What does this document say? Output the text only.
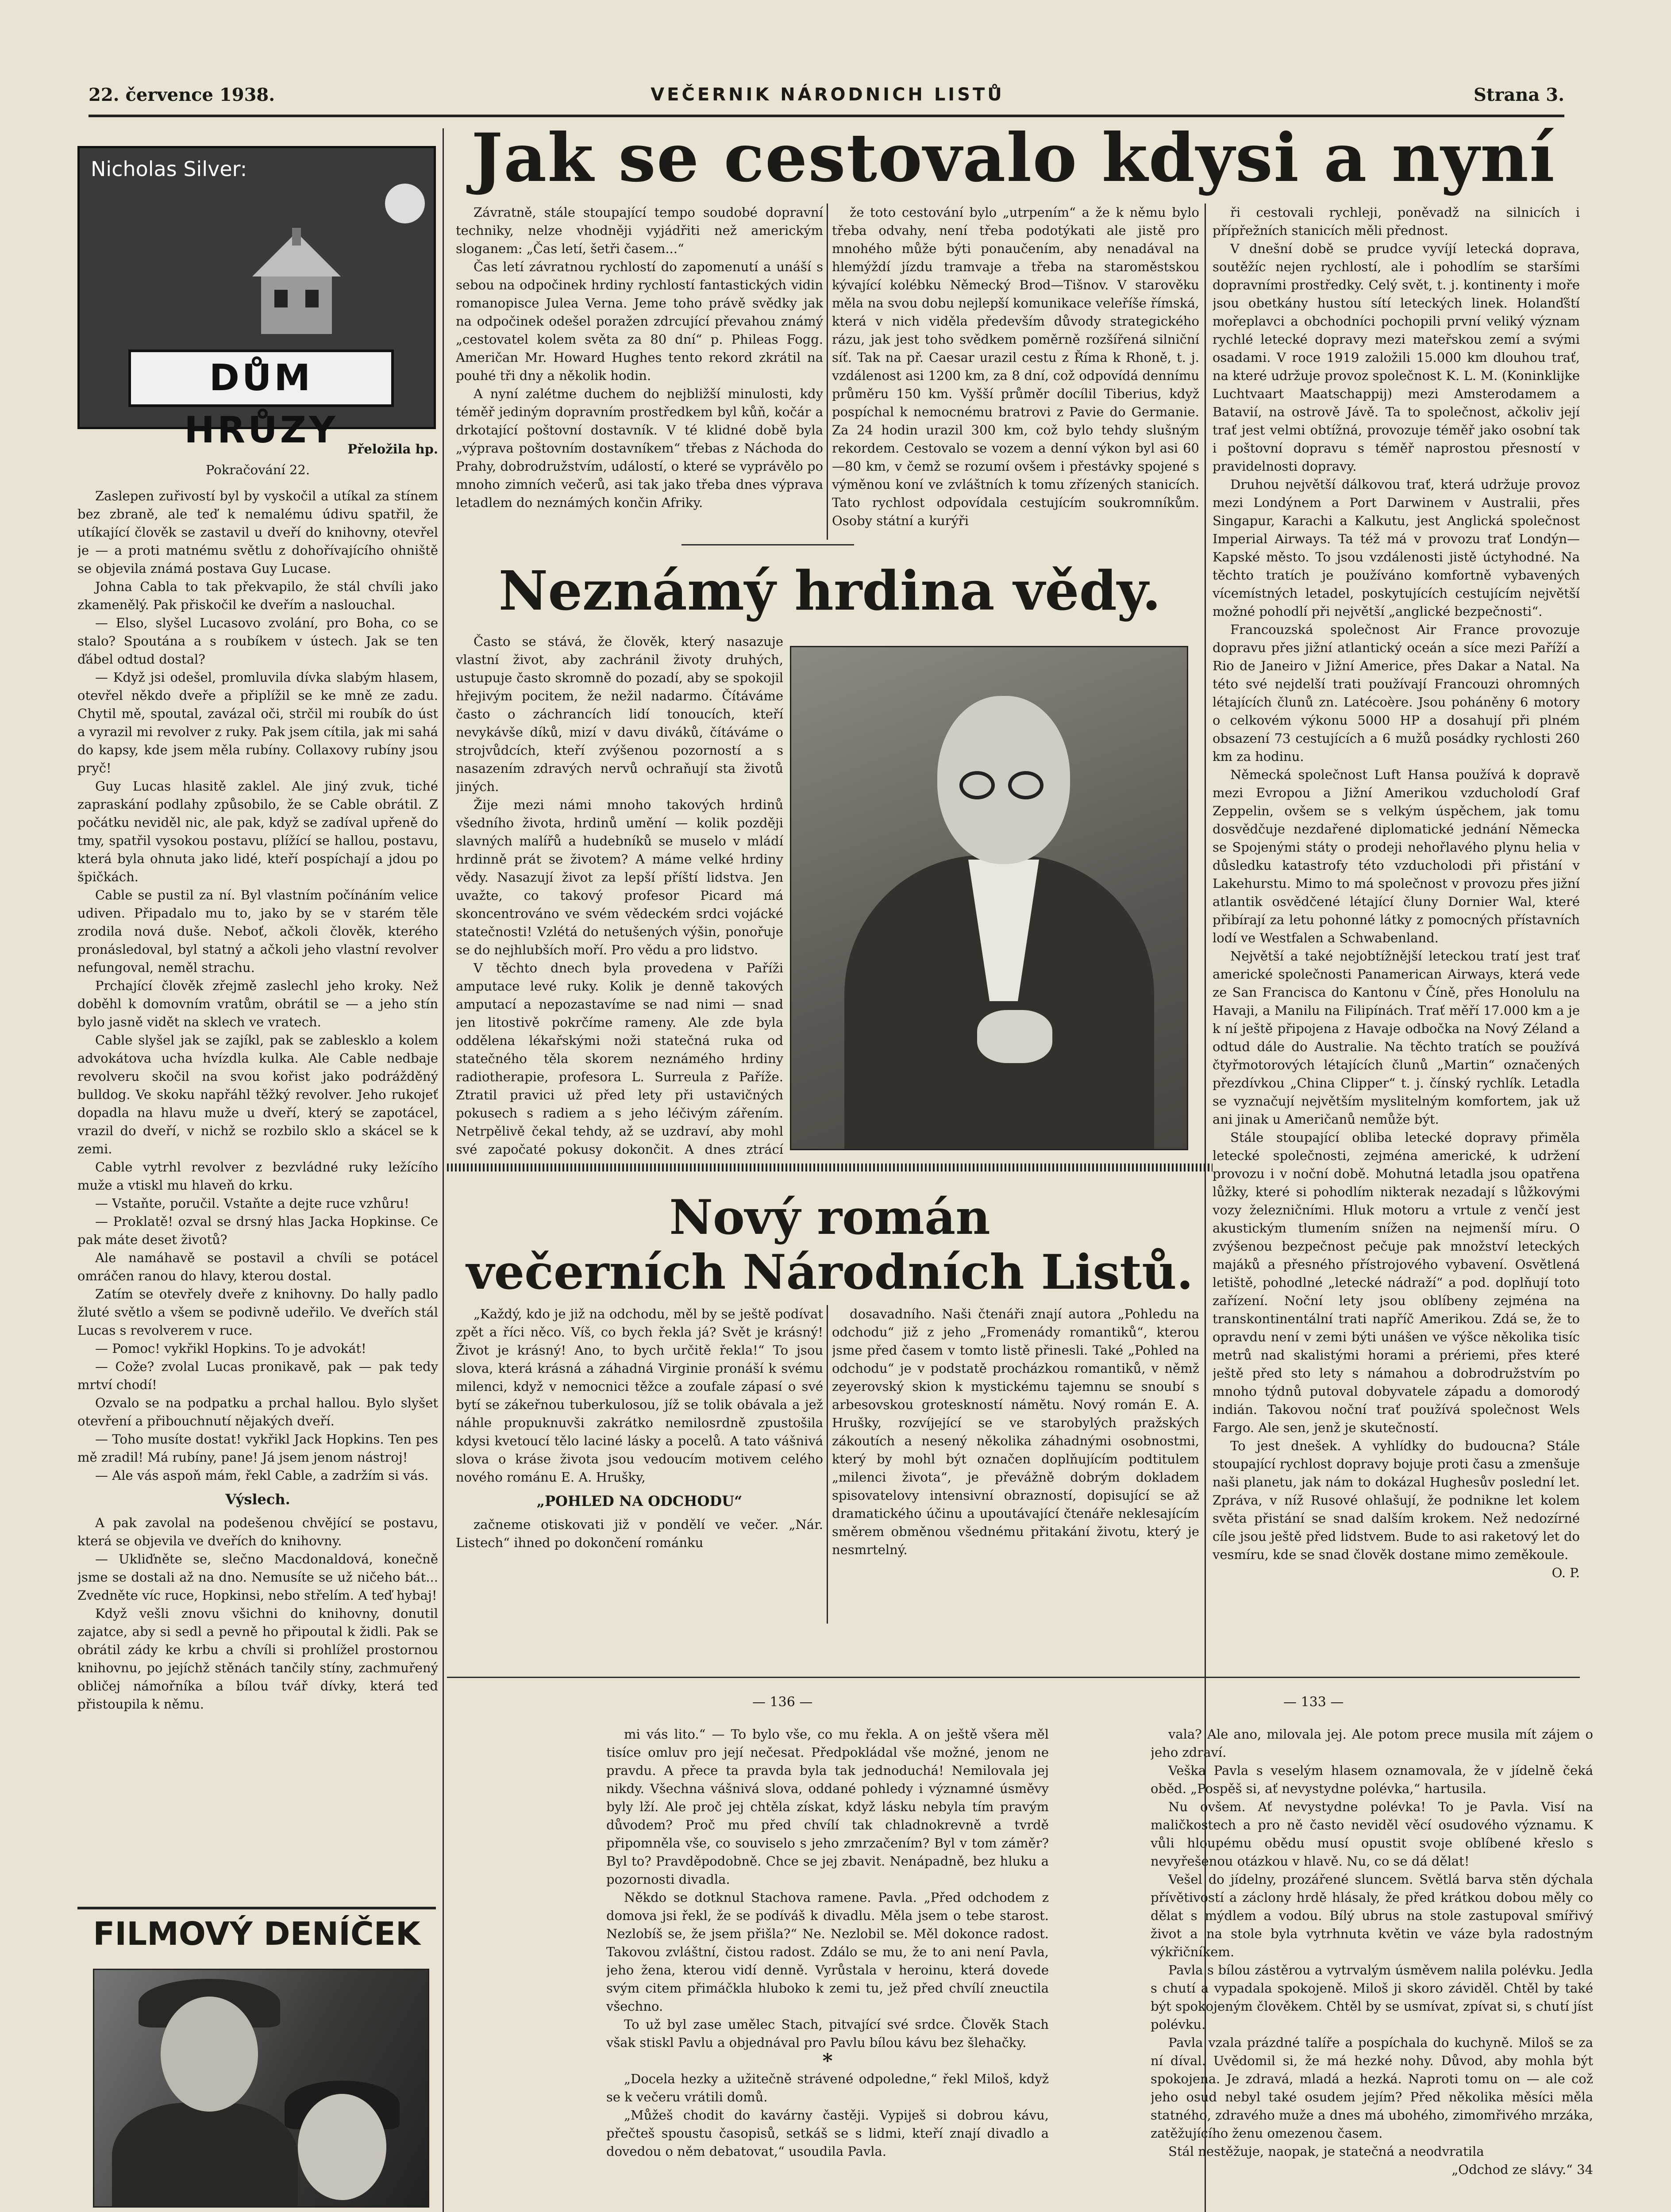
22. července 1938.	VEČERNIK NÁRODNICH LISTŮ	Strana 3.
Nicholas Silver:
DŮM HRŮZY Přeložila hp.

Pokračování 22.

Zaslepen zuřivostí byl by vyskočil a utíkal za stínem bez zbraně, ale teď k nemalému údivu spatřil, že utíkající člověk se zastavil u dveří do knihovny, otevřel je — a proti matnému světlu z dohořívajícího ohniště se objevila známá postava Guy Lucase.

Johna Cabla to tak překvapilo, že stál chvíli jako zkamenělý. Pak přiskočil ke dveřím a naslouchal.

— Elso, slyšel Lucasovo zvolání, pro Boha, co se stalo? Spoutána a s roubíkem v ústech. Jak se ten ďábel odtud dostal?

— Když jsi odešel, promluvila dívka slabým hlasem, otevřel někdo dveře a připlížil se ke mně ze zadu. Chytil mě, spoutal, zavázal oči, strčil mi roubík do úst a vyrazil mi revolver z ruky. Pak jsem cítila, jak mi sahá do kapsy, kde jsem měla rubíny. Collaxovy rubíny jsou pryč!

Guy Lucas hlasitě zaklel. Ale jiný zvuk, tiché zapraskání podlahy způsobilo, že se Cable obrátil. Z počátku neviděl nic, ale pak, když se zadíval upřeně do tmy, spatřil vysokou postavu, plížící se hallou, postavu, která byla ohnuta jako lidé, kteří pospíchají a jdou po špičkách.

Cable se pustil za ní. Byl vlastním počínáním velice udiven. Připadalo mu to, jako by se v starém těle zrodila nová duše. Neboť, ačkoli člověk, kterého pronásledoval, byl statný a ačkoli jeho vlastní revolver nefungoval, neměl strachu.

Prchající člověk zřejmě zaslechl jeho kroky. Než doběhl k domovním vratům, obrátil se — a jeho stín bylo jasně vidět na sklech ve vratech.

Cable slyšel jak se zajíkl, pak se zablesklo a kolem advokátova ucha hvízdla kulka. Ale Cable nedbaje revolveru skočil na svou kořist jako podrážděný bulldog. Ve skoku napřáhl těžký revolver. Jeho rukojeť dopadla na hlavu muže u dveří, který se zapotácel, vrazil do dveří, v nichž se rozbilo sklo a skácel se k zemi.

Cable vytrhl revolver z bezvládné ruky ležícího muže a vtiskl mu hlaveň do krku.

— Vstaňte, poručil. Vstaňte a dejte ruce vzhůru!

— Proklatě! ozval se drsný hlas Jacka Hopkinse. Ce pak máte deset životů?

Ale namáhavě se postavil a chvíli se potácel omráčen ranou do hlavy, kterou dostal.

Zatím se otevřely dveře z knihovny. Do hally padlo žluté světlo a všem se podivně udeřilo. Ve dveřích stál Lucas s revolverem v ruce.

— Pomoc! vykřikl Hopkins. To je advokát!

— Cože? zvolal Lucas pronikavě, pak — pak tedy mrtví chodí!

Ozvalo se na podpatku a prchal hallou. Bylo slyšet otevření a přibouchnutí nějakých dveří.

— Toho musíte dostat! vykřikl Jack Hopkins. Ten pes mě zradil! Má rubíny, pane! Já jsem jenom nástroj!

— Ale vás aspoň mám, řekl Cable, a zadržím si vás.

Výslech.

A pak zavolal na podešenou chvějící se postavu, která se objevila ve dveřích do knihovny.

— Ukliďněte se, slečno Macdonaldová, konečně jsme se dostali až na dno. Nemusíte se už ničeho bát... Zvedněte víc ruce, Hopkinsi, nebo střelím. A teď hybaj!

Když vešli znovu všichni do knihovny, donutil zajatce, aby si sedl a pevně ho připoutal k židli. Pak se obrátil zády ke krbu a chvíli si prohlížel prostornou knihovnu, po jejíchž stěnách tančily stíny, zachmuřený obličej námořníka a bílou tvář dívky, která teď přistoupila k němu.

FILMOVÝ DENÍČEK
Jak se cestovalo kdysi a nyní

Závratně, stále stoupající tempo soudobé dopravní techniky, nelze vhodněji vyjádřiti než americkým sloganem: „Čas letí, šetři časem...“

Čas letí závratnou rychlostí do zapomenutí a unáší s sebou na odpočinek hrdiny rychlostí fantastických vidin romanopisce Julea Verna. Jeme toho právě svědky jak na odpočinek odešel poražen zdrcující převahou známý „cestovatel kolem světa za 80 dní“ p. Phileas Fogg. Američan Mr. Howard Hughes tento rekord zkrátil na pouhé tři dny a několik hodin.

A nyní zalétme duchem do nejbližší minulosti, kdy téměř jediným dopravním prostředkem byl kůň, kočár a drkotající poštovní dostavník. V té klidné době byla „výprava poštovním dostavníkem“ třebas z Náchoda do Prahy, dobrodružstvím, událostí, o které se vyprávělo po mnoho zimních večerů, asi tak jako třeba dnes výprava letadlem do neznámých končin Afriky.

že toto cestování bylo „utrpením“ a že k němu bylo třeba odvahy, není třeba podotýkati ale jistě pro mnohého může býti ponaučením, aby nenadával na hlemýždí jízdu tramvaje a třeba na staroměstskou kývající kolébku Německý Brod—Tišnov. V starověku měla na svou dobu nejlepší komunikace veleříše římská, která v nich viděla především důvody strategického rázu, jak jest toho svědkem poměrně rozšířená silniční síť. Tak na př. Caesar urazil cestu z Říma k Rhoně, t. j. vzdálenost asi 1200 km, za 8 dní, což odpovídá dennímu průměru 150 km. Vyšší průměr docílil Tiberius, když pospíchal k nemocnému bratrovi z Pavie do Germanie. Za 24 hodin urazil 300 km, což bylo tehdy slušným rekordem. Cestovalo se vozem a denní výkon byl asi 60—80 km, v čemž se rozumí ovšem i přestávky spojené s výměnou koní ve zvláštních k tomu zřízených stanicích. Tato rychlost odpovídala cestujícím soukromníkům. Osoby státní a kurýři

ři cestovali rychleji, poněvadž na silnicích i přípřežních stanicích měli přednost.

V dnešní době se prudce vyvíjí letecká doprava, soutěžíc nejen rychlostí, ale i pohodlím se staršími dopravními prostředky. Celý svět, t. j. kontinenty i moře jsou obetkány hustou sítí leteckých linek. Holanďští mořeplavci a obchodníci pochopili první veliký význam rychlé letecké dopravy mezi mateřskou zemí a svými osadami. V roce 1919 založili 15.000 km dlouhou trať, na které udržuje provoz společnost K. L. M. (Koninklijke Luchtvaart Maatschappij) mezi Amsterodamem a Batavií, na ostrově Jávě. Ta to společnost, ačkoliv její trať jest velmi obtížná, provozuje téměř jako osobní tak i poštovní dopravu s téměř naprostou přesností v pravidelnosti dopravy.

Druhou největší dálkovou trať, která udržuje provoz mezi Londýnem a Port Darwinem v Australii, přes Singapur, Karachi a Kalkutu, jest Anglická společnost Imperial Airways. Ta též má v provozu trať Londýn—Kapské město. To jsou vzdálenosti jistě úctyhodné. Na těchto tratích je používáno komfortně vybavených vícemístných letadel, poskytujících cestujícím největší možné pohodlí při největší „anglické bezpečnosti“.

Francouzská společnost Air France provozuje dopravu přes jižní atlantický oceán a síce mezi Paříží a Rio de Janeiro v Jižní Americe, přes Dakar a Natal. Na této své nejdelší trati používají Francouzi ohromných létajících člunů zn. Latécoère. Jsou poháněny 6 motory o celkovém výkonu 5000 HP a dosahují při plném obsazení 73 cestujících a 6 mužů posádky rychlosti 260 km za hodinu.

Německá společnost Luft Hansa používá k dopravě mezi Evropou a Jižní Amerikou vzducholodí Graf Zeppelin, ovšem se s velkým úspěchem, jak tomu dosvědčuje nezdařené diplomatické jednání Německa se Spojenými státy o prodeji nehořlavého plynu helia v důsledku katastrofy této vzducholodi při přistání v Lakehurstu. Mimo to má společnost v provozu přes jižní atlantik osvědčené létající čluny Dornier Wal, které přibírají za letu pohonné látky z pomocných přístavních lodí ve Westfalen a Schwabenland.

Největší a také nejobtížnější leteckou tratí jest trať americké společnosti Panamerican Airways, která vede ze San Francisca do Kantonu v Číně, přes Honolulu na Havaji, a Manilu na Filipínách. Trať měří 17.000 km a je k ní ještě připojena z Havaje odbočka na Nový Zéland a odtud dále do Australie. Na těchto tratích se používá čtyřmotorových létajících člunů „Martin“ označených přezdívkou „China Clipper“ t. j. čínský rychlík. Letadla se vyznačují největším myslitelným komfortem, jak už ani jinak u Američanů nemůže být.

Stále stoupající obliba letecké dopravy přiměla letecké společnosti, zejména americké, k udržení provozu i v noční době. Mohutná letadla jsou opatřena lůžky, které si pohodlím nikterak nezadají s lůžkovými vozy železničními. Hluk motoru a vrtule z venčí jest akustickým tlumením snížen na nejmenší míru. O zvýšenou bezpečnost pečuje pak množství leteckých majáků a přesného přístrojového vybavení. Osvětlená letiště, pohodlné „letecké nádraží“ a pod. doplňují toto zařízení. Noční lety jsou oblíbeny zejména na transkontinentální trati napříč Amerikou. Zdá se, že to opravdu není v zemi býti unášen ve výšce několika tisíc metrů nad skalistými horami a prériemi, přes které ještě před sto lety s námahou a dobrodružstvím po mnoho týdnů putoval dobyvatele západu a domorodý indián. Takovou noční trať používá společnost Wels Fargo. Ale sen, jenž je skutečností.

To jest dnešek. A vyhlídky do budoucna? Stále stoupající rychlost dopravy bojuje proti času a zmenšuje naši planetu, jak nám to dokázal Hughesův poslední let. Zpráva, v níž Rusové ohlašují, že podnikne let kolem světa přistání se snad dalším krokem. Než nedozírné cíle jsou ještě před lidstvem. Bude to asi raketový let do vesmíru, kde se snad člověk dostane mimo zeměkoule.

O. P.

Neznámý hrdina vědy.

Často se stává, že člověk, který nasazuje vlastní život, aby zachránil životy druhých, ustupuje často skromně do pozadí, aby se spokojil hřejivým pocitem, že nežil nadarmo. Čítáváme často o záchrancích lidí tonoucích, kteří nevykávše díků, mizí v davu diváků, čítáváme o strojvůdcích, kteří zvýšenou pozorností a s nasazením zdravých nervů ochraňují sta životů jiných.

Žije mezi námi mnoho takových hrdinů všedního života, hrdinů umění — kolik později slavných malířů a hudebníků se muselo v mládí hrdinně prát se životem? A máme velké hrdiny vědy. Nasazují život za lepší příští lidstva. Jen uvažte, co takový profesor Picard má skoncentrováno ve svém vědeckém srdci vojácké statečnosti! Vzlétá do netušených výšin, ponořuje se do nejhlubších moří. Pro vědu a pro lidstvo.

V těchto dnech byla provedena v Paříži amputace levé ruky. Kolik je denně takových amputací a nepozastavíme se nad nimi — snad jen litostivě pokrčíme rameny. Ale zde byla oddělena lékařskými noži statečná ruka od statečného těla skorem neznámého hrdiny radiotherapie, profesora L. Surreula z Paříže. Ztratil pravici už před lety při ustavičných pokusech s radiem a s jeho léčivým zářením. Netrpělivě čekal tehdy, až se uzdraví, aby mohl své započaté pokusy dokončit. A dnes ztrácí

Nový román
večerních Národních Listů.

„Každý, kdo je již na odchodu, měl by se ještě podívat zpět a říci něco. Víš, co bych řekla já? Svět je krásný! Život je krásný! Ano, to bych určitě řekla!“ To jsou slova, která krásná a záhadná Virginie pronáší k svému milenci, když v nemocnici těžce a zoufale zápasí o své bytí se zákeřnou tuberkulosou, jíž se tolik obávala a jež náhle propuknuvši zakrátko nemilosrdně zpustošila kdysi kvetoucí tělo laciné lásky a pocelů. A tato vášnivá slova o kráse života jsou vedoucím motivem celého nového románu E. A. Hrušky,

„POHLED NA ODCHODU“

začneme otiskovati již v pondělí ve večer. „Nár. Listech“ ihned po dokončení románku

dosavadního. Naši čtenáři znají autora „Pohledu na odchodu“ již z jeho „Fromenády romantiků“, kterou jsme před časem v tomto listě přinesli. Také „Pohled na odchodu“ je v podstatě procházkou romantiků, v němž zeyerovský skion k mystickému tajemnu se snoubí s arbesovskou groteskností námětu. Nový román E. A. Hrušky, rozvíjející se ve starobylých pražských zákoutích a nesený několika záhadnými osobnostmi, který by mohl být označen doplňujícím podtitulem „milenci života“, je převážně dobrým dokladem spisovatelovy intensivní obrazností, dopisující se až dramatického účinu a upoutávající čtenáře neklesajícím směrem obměnou všednému přitakání životu, který je nesmrtelný.

— 136 —	— 133 —

mi vás lito.“ — To bylo vše, co mu řekla. A on ještě všera měl tisíce omluv pro její nečesat. Předpokládal vše možné, jenom ne pravdu. A přece ta pravda byla tak jednoduchá! Nemilovala jej nikdy. Všechna vášnivá slova, oddané pohledy i významné úsměvy byly lží. Ale proč jej chtěla získat, když lásku nebyla tím pravým důvodem? Proč mu před chvílí tak chladnokrevně a tvrdě připomněla vše, co souviselo s jeho zmrzačením? Byl v tom záměr? Byl to? Pravděpodobně. Chce se jej zbavit. Nenápadně, bez hluku a pozornosti divadla.

Někdo se dotknul Stachova ramene. Pavla. „Před odchodem z domova jsi řekl, že se podíváš k divadlu. Měla jsem o tebe starost. Nezlobíš se, že jsem přišla?“ Ne. Nezlobil se. Měl dokonce radost. Takovou zvláštní, čistou radost. Zdálo se mu, že to ani není Pavla, jeho žena, kterou vidí denně. Vyrůstala v heroinu, která dovede svým citem přimáčkla hluboko k zemi tu, jež před chvílí zneuctila všechno.

To už byl zase umělec Stach, pitvající své srdce. Člověk Stach však stiskl Pavlu a objednával pro Pavlu bílou kávu bez šlehačky.

*

„Docela hezky a užitečně strávené odpoledne,“ řekl Miloš, když se k večeru vrátili domů.

„Můžeš chodit do kavárny častěji. Vypiješ si dobrou kávu, přečteš spoustu časopisů, setkáš se s lidmi, kteří znají divadlo a dovedou o něm debatovat,“ usoudila Pavla.

vala? Ale ano, milovala jej. Ale potom prece musila mít zájem o jeho zdraví.

Veška Pavla s veselým hlasem oznamovala, že v jídelně čeká oběd. „Pospěš si, ať nevystydne polévka,“ hartusila.

Nu ovšem. Ať nevystydne polévka! To je Pavla. Visí na maličkostech a pro ně často neviděl věcí osudového významu. K vůli hloupému obědu musí opustit svoje oblíbené křeslo s nevyřešenou otázkou v hlavě. Nu, co se dá dělat!

Vešel do jídelny, prozářené sluncem. Světlá barva stěn dýchala přívětivostí a záclony hrdě hlásaly, že před krátkou dobou měly co dělat s mýdlem a vodou. Bílý ubrus na stole zastupoval smířivý život a na stole byla vytrhnuta květin ve váze byla radostným výkřičníkem.

Pavla s bílou zástěrou a vytrvalým úsměvem nalila polévku. Jedla s chutí a vypadala spokojeně. Miloš ji skoro záviděl. Chtěl by také být spokojeným člověkem. Chtěl by se usmívat, zpívat si, s chutí jíst polévku.

Pavla vzala prázdné talíře a pospíchala do kuchyně. Miloš se za ní díval. Uvědomil si, že má hezké nohy. Důvod, aby mohla být spokojena. Je zdravá, mladá a hezká. Naproti tomu on — ale což jeho osud nebyl také osudem jejím? Před několika měsíci měla statného, zdravého muže a dnes má ubohého, zimomřivého mrzáka, zatěžujícího ženu omezenou časem.

Stál nestěžuje, naopak, je statečná a neodvratila

„Odchod ze slávy.“ 34
